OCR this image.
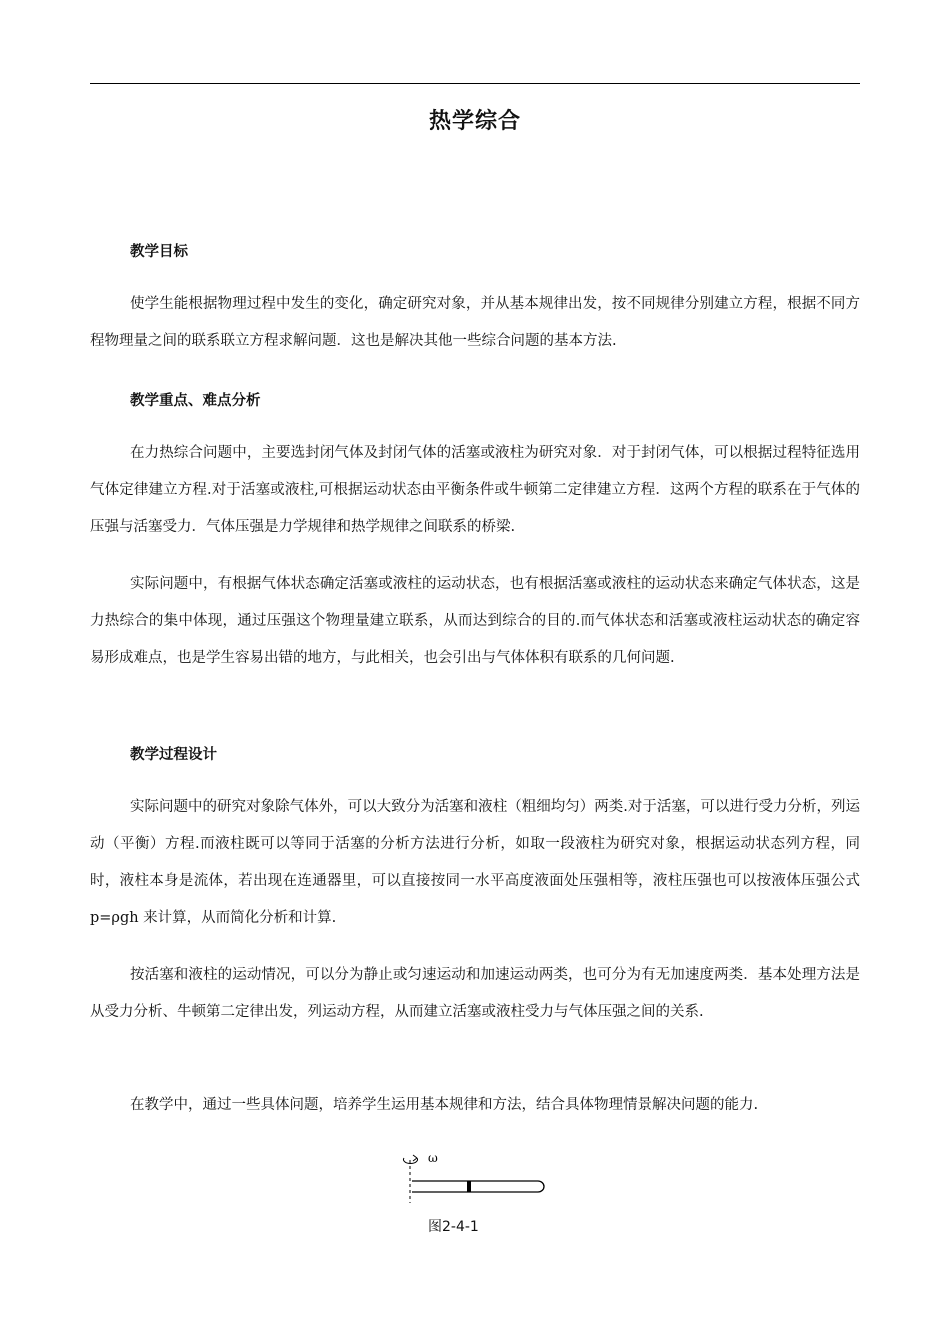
热学综合
教学目标

使学生能根据物理过程中发生的变化，确定研究对象，并从基本规律出发，按不同规律分别建立方程，根据不同方程物理量之间的联系联立方程求解问题．这也是解决其他一些综合问题的基本方法.

教学重点、难点分析

在力热综合问题中，主要选封闭气体及封闭气体的活塞或液柱为研究对象．对于封闭气体，可以根据过程特征选用气体定律建立方程.对于活塞或液柱,可根据运动状态由平衡条件或牛顿第二定律建立方程．这两个方程的联系在于气体的压强与活塞受力．气体压强是力学规律和热学规律之间联系的桥梁.

实际问题中，有根据气体状态确定活塞或液柱的运动状态，也有根据活塞或液柱的运动状态来确定气体状态，这是力热综合的集中体现，通过压强这个物理量建立联系，从而达到综合的目的.而气体状态和活塞或液柱运动状态的确定容易形成难点，也是学生容易出错的地方，与此相关，也会引出与气体体积有联系的几何问题.

教学过程设计

实际问题中的研究对象除气体外，可以大致分为活塞和液柱（粗细均匀）两类.对于活塞，可以进行受力分析，列运动（平衡）方程.而液柱既可以等同于活塞的分析方法进行分析，如取一段液柱为研究对象，根据运动状态列方程，同时，液柱本身是流体，若出现在连通器里，可以直接按同一水平高度液面处压强相等，液柱压强也可以按液体压强公式 p=ρgh 来计算，从而简化分析和计算.

按活塞和液柱的运动情况，可以分为静止或匀速运动和加速运动两类，也可分为有无加速度两类．基本处理方法是从受力分析、牛顿第二定律出发，列运动方程，从而建立活塞或液柱受力与气体压强之间的关系.

在教学中，通过一些具体问题，培养学生运用基本规律和方法，结合具体物理情景解决问题的能力.

ω
图2-4-1
